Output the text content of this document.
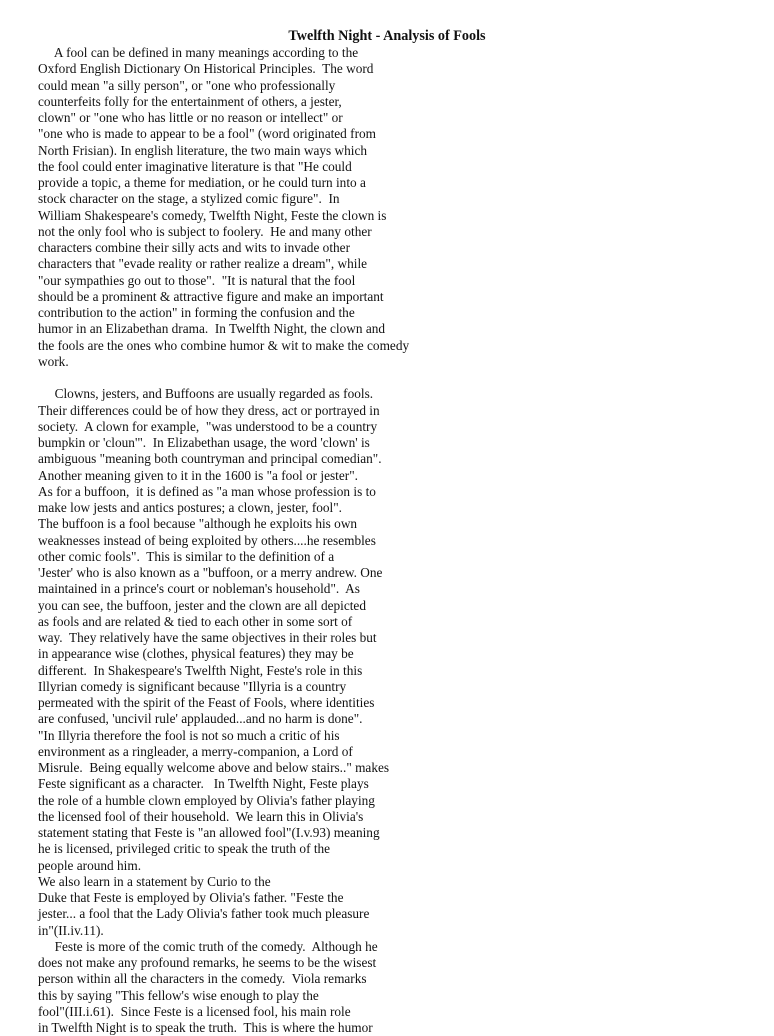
Twelfth Night - Analysis of Fools
A fool can be defined in many meanings according to the
Oxford English Dictionary On Historical Principles.  The word
could mean "a silly person", or "one who professionally
counterfeits folly for the entertainment of others, a jester,
clown" or "one who has little or no reason or intellect" or
"one who is made to appear to be a fool" (word originated from
North Frisian). In english literature, the two main ways which
the fool could enter imaginative literature is that "He could
provide a topic, a theme for mediation, or he could turn into a
stock character on the stage, a stylized comic figure".  In
William Shakespeare's comedy, Twelfth Night, Feste the clown is
not the only fool who is subject to foolery.  He and many other
characters combine their silly acts and wits to invade other
characters that "evade reality or rather realize a dream", while
"our sympathies go out to those".  "It is natural that the fool
should be a prominent & attractive figure and make an important
contribution to the action" in forming the confusion and the
humor in an Elizabethan drama.  In Twelfth Night, the clown and
the fools are the ones who combine humor & wit to make the comedy
work.
Clowns, jesters, and Buffoons are usually regarded as fools.
Their differences could be of how they dress, act or portrayed in
society.  A clown for example,  "was understood to be a country
bumpkin or 'cloun'".  In Elizabethan usage, the word 'clown' is
ambiguous "meaning both countryman and principal comedian".
Another meaning given to it in the 1600 is "a fool or jester".
As for a buffoon,  it is defined as "a man whose profession is to
make low jests and antics postures; a clown, jester, fool".
The buffoon is a fool because "although he exploits his own
weaknesses instead of being exploited by others....he resembles
other comic fools".  This is similar to the definition of a
'Jester' who is also known as a "buffoon, or a merry andrew. One
maintained in a prince's court or nobleman's household".  As
you can see, the buffoon, jester and the clown are all depicted
as fools and are related & tied to each other in some sort of
way.  They relatively have the same objectives in their roles but
in appearance wise (clothes, physical features) they may be
different.  In Shakespeare's Twelfth Night, Feste's role in this
Illyrian comedy is significant because "Illyria is a country
permeated with the spirit of the Feast of Fools, where identities
are confused, 'uncivil rule' applauded...and no harm is done".
"In Illyria therefore the fool is not so much a critic of his
environment as a ringleader, a merry-companion, a Lord of
Misrule.  Being equally welcome above and below stairs.." makes
Feste significant as a character.   In Twelfth Night, Feste plays
the role of a humble clown employed by Olivia's father playing
the licensed fool of their household.  We learn this in Olivia's
statement stating that Feste is "an allowed fool"(I.v.93) meaning
he is licensed, privileged critic to speak the truth of the
people around him.
We also learn in a statement by Curio to the
Duke that Feste is employed by Olivia's father. "Feste the
jester... a fool that the Lady Olivia's father took much pleasure
in"(II.iv.11).
Feste is more of the comic truth of the comedy.  Although he
does not make any profound remarks, he seems to be the wisest
person within all the characters in the comedy.  Viola remarks
this by saying "This fellow's wise enough to play the
fool"(III.i.61).  Since Feste is a licensed fool, his main role
in Twelfth Night is to speak the truth.  This is where the humor
